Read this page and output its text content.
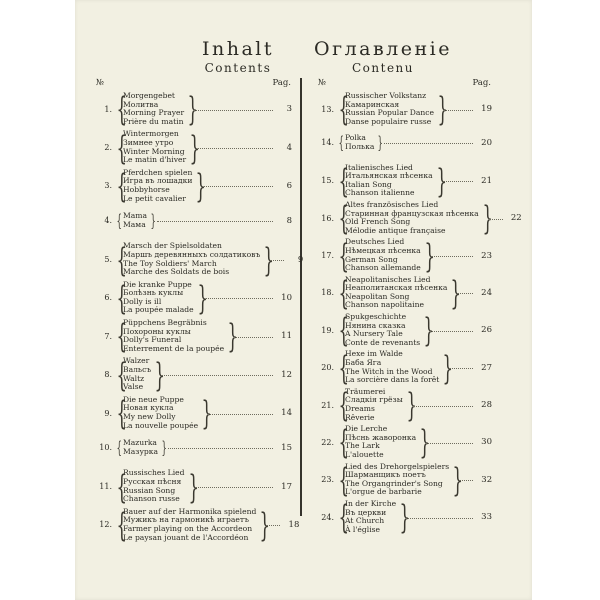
Inhalt
Contents
Оглавленіе
Contenu
№	Pag.
1. {
Morgengebet
Молитва
Morning Prayer
Prière du matin }	3
2. {
Wintermorgen
Зимнее утро
Winter Morning
Le matin d'hiver }	4
3. {
Pferdchen spielen
Игра въ лошадки
Hobbyhorse
Le petit cavalier }	6
4. { Mama
Мама }	8
5. {
Marsch der Spielsoldaten
Маршъ деревянныхъ солдатиковъ
The Toy Soldiers' March
Marche des Soldats de bois	}	9
6. {
Die kranke Puppe
Болѣзнь куклы
Dolly is ill
La poupée malade }	10
7. {
Püppchens Begräbnis
Похороны куклы
Dolly's Funeral
Enterrement de la poupée }	11
8. {
Walzer
Вальсъ
Waltz
Valse }	12
9. {
Die neue Puppe
Новая кукла
My new Dolly
La nouvelle poupée }	14
10. { Mazurka
Мазурка }	15
11. {
Russisches Lied
Русская пѣсня
Russian Song
Chanson russe }	17
12. {
Bauer auf der Harmonika spielend
Мужикъ на гармоникѣ играетъ
Farmer playing on the Accordeon
Le paysan jouant de l'Accordéon }	18
№	Pag.
13. {
Russischer Volkstanz
Камаринская
Russian Popular Dance
Danse populaire russe }	19
14. { Polka
Полька }	20
15. {
Italienisches Lied
Итальянская пѣсенка
Italian Song
Chanson italienne }	21
16. {
Altes französisches Lied
Старинная французская пѣсенка
Old French Song
Mélodie antique française	}	22
17. {
Deutsches Lied
Нѣмецкая пѣсенка
German Song
Chanson allemande }	23
18. {
Neapolitanisches Lied
Неаполитанская пѣсенка
Neapolitan Song
Chanson napolitaine }	24
19. {
Spukgeschichte
Нянина сказка
A Nursery Tale
Conte de revenants }	26
20. {
Hexe im Walde
Баба Яга
The Witch in the Wood
La sorcière dans la forêt }	27
21. {
Träumerei
Сладкія грёзы
Dreams
Rêverie }	28
22. {
Die Lerche
Пѣснь жаворонка
The Lark
L'alouette	}	30
23. {
Lied des Drehorgelspielers
Шарманщикъ поетъ
The Organgrinder's Song
L'orgue de barbarie }	32
24. {
In der Kirche
Въ церкви
At Church
À l'église }	33
